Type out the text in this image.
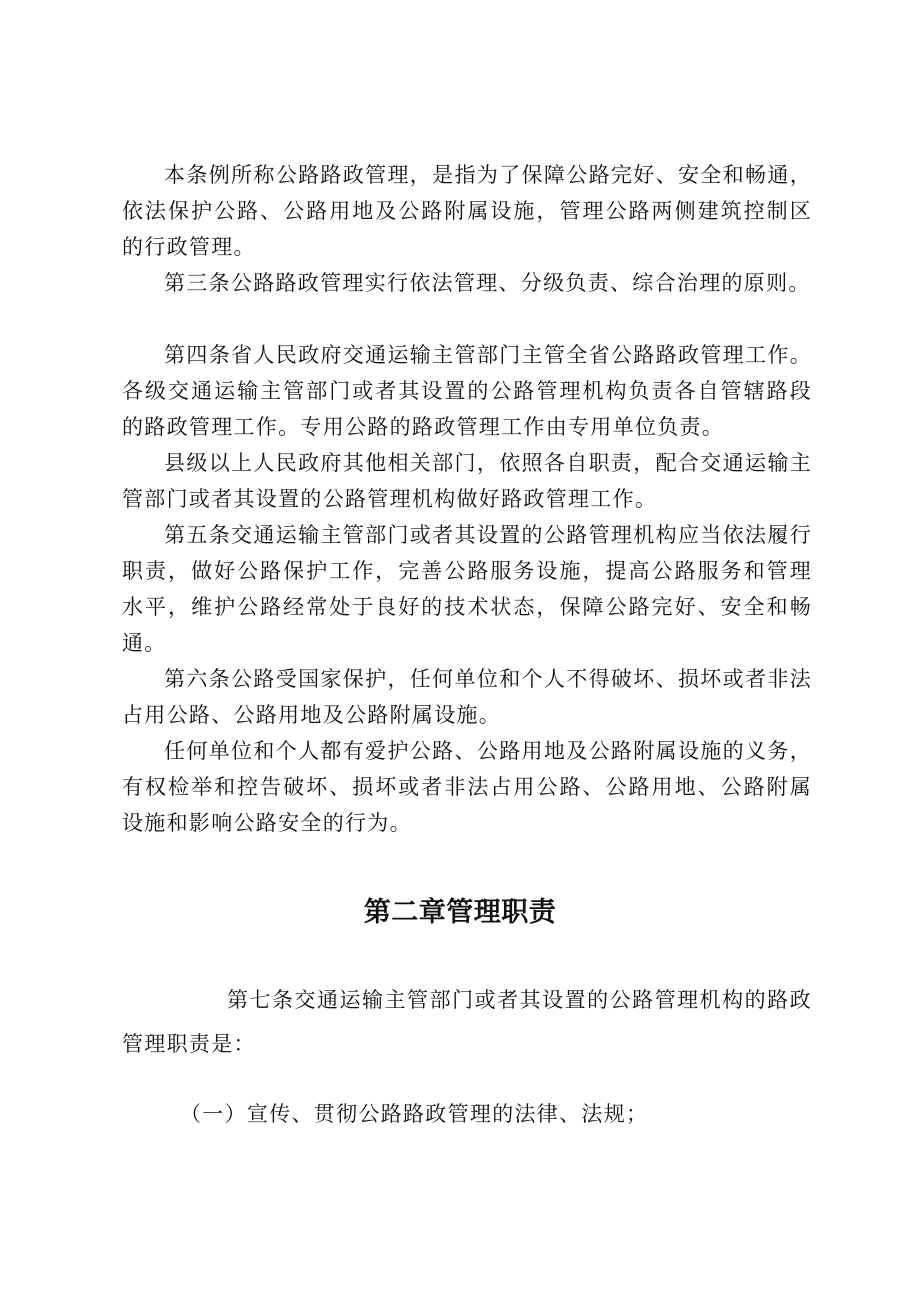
本条例所称公路路政管理，是指为了保障公路完好、安全和畅通，依法保护公路、公路用地及公路附属设施，管理公路两侧建筑控制区的行政管理。

第三条公路路政管理实行依法管理、分级负责、综合治理的原则。

第四条省人民政府交通运输主管部门主管全省公路路政管理工作。各级交通运输主管部门或者其设置的公路管理机构负责各自管辖路段的路政管理工作。专用公路的路政管理工作由专用单位负责。

县级以上人民政府其他相关部门，依照各自职责，配合交通运输主管部门或者其设置的公路管理机构做好路政管理工作。

第五条交通运输主管部门或者其设置的公路管理机构应当依法履行职责，做好公路保护工作，完善公路服务设施，提高公路服务和管理水平，维护公路经常处于良好的技术状态，保障公路完好、安全和畅通。

第六条公路受国家保护，任何单位和个人不得破坏、损坏或者非法占用公路、公路用地及公路附属设施。

任何单位和个人都有爱护公路、公路用地及公路附属设施的义务，有权检举和控告破坏、损坏或者非法占用公路、公路用地、公路附属设施和影响公路安全的行为。

第二章管理职责

第七条交通运输主管部门或者其设置的公路管理机构的路政管理职责是：

（一）宣传、贯彻公路路政管理的法律、法规；
